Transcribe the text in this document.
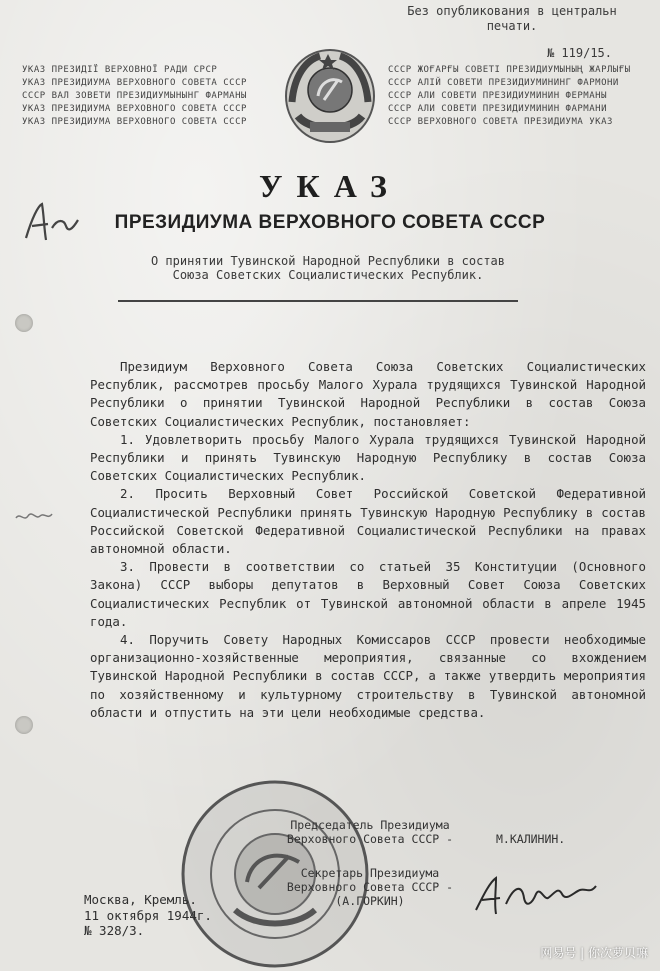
Без опубликования в центральн
печати.
№ 119/15.
УКАЗ ПРЕЗИДІЇ ВЕРХОВНОЇ РАДИ СРСР
УКАЗ ПРЕЗИДИУМА ВЕРХОВНОГО СОВЕТА СССР
СССР ВАЛ ЗОВЕТИ ПРЕЗИДИУМЫНЫНГ ФАРМАНЫ
УКАЗ ПРЕЗИДИУМА ВЕРХОВНОГО СОВЕТА СССР
УКАЗ ПРЕЗИДИУМА ВЕРХОВНОГО СОВЕТА СССР
СССР ЖОҒАРҒЫ СОВЕТІ ПРЕЗИДИУМЫНЫҢ ЖАРЛЫҒЫ
СССР АЛІЙ СОВЕТИ ПРЕЗИДИУМИНИНГ ФАРМОНИ
СССР АЛИ СОВЕТИ ПРЕЗИДИУМИНИН ФЕРМАНЫ
СССР АЛИ СОВЕТИ ПРЕЗИДИУМИНИН ФАРМАНИ
СССР ВЕРХОВНОГО СОВЕТА ПРЕЗИДИУМА УКАЗ
УКАЗ
ПРЕЗИДИУМА ВЕРХОВНОГО СОВЕТА СССР
О принятии Тувинской Народной Республики в состав Союза Советских Социалистических Республик.

Президиум Верховного Совета Союза Советских Социалистических Республик, рассмотрев просьбу Малого Хурала трудящихся Тувинской Народной Республики о принятии Тувинской Народной Республики в состав Союза Советских Социалистических Республик, постановляет:

1. Удовлетворить просьбу Малого Хурала трудящихся Тувинской Народной Республики и принять Тувинскую Народную Республику в состав Союза Советских Социалистических Республик.

2. Просить Верховный Совет Российской Советской Федеративной Социалистической Республики принять Тувинскую Народную Республику в состав Российской Советской Федеративной Социалистической Республики на правах автономной области.

3. Провести в соответствии со статьей 35 Конституции (Основного Закона) СССР выборы депутатов в Верховный Совет Союза Советских Социалистических Республик от Тувинской автономной области в апреле 1945 года.

4. Поручить Совету Народных Комиссаров СССР провести необходимые организационно-хозяйственные мероприятия, связанные со вхождением Тувинской Народной Республики в состав СССР, а также утвердить мероприятия по хозяйственному и культурному строительству в Тувинской автономной области и отпустить на эти цели необходимые средства.

Председатель Президиума
Верховного Совета СССР -	М.КАЛИНИН.
Секретарь Президиума
Верховного Совета СССР -
(А.ГОРКИН)
Москва, Кремль.
11 октября 1944г.
№ 328/3.
网易号 | 你次萝贝嘛
